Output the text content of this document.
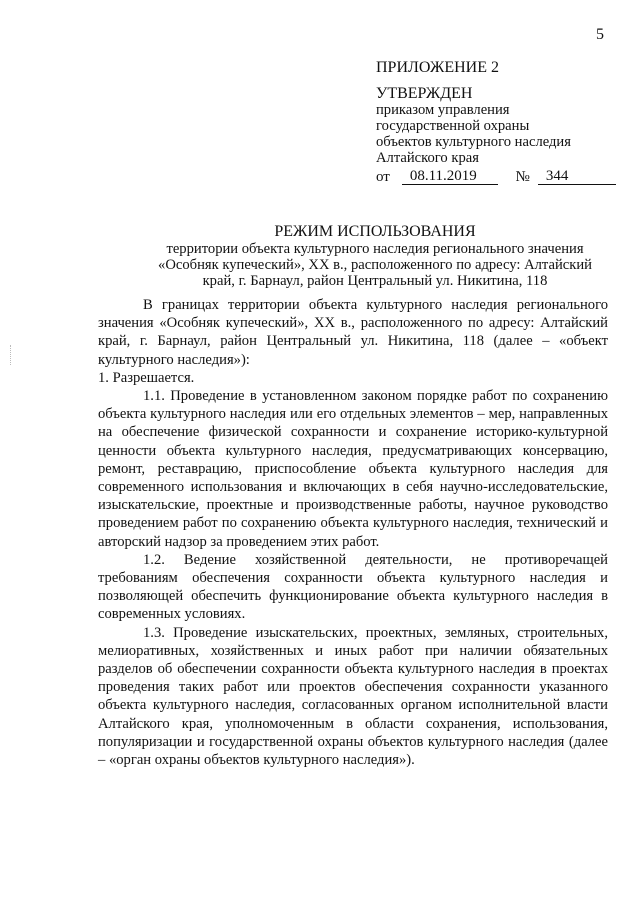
5
ПРИЛОЖЕНИЕ 2
УТВЕРЖДЕН
приказом управления
государственной охраны
объектов культурного наследия
Алтайского края
от	08.11.2019	№	344
РЕЖИМ ИСПОЛЬЗОВАНИЯ
территории объекта культурного наследия регионального значения
«Особняк купеческий», XX в., расположенного по адресу: Алтайский
край, г. Барнаул, район Центральный ул. Никитина, 118

В границах территории объекта культурного наследия регионального значения «Особняк купеческий», XX в., расположенного по адресу: Алтайский край, г. Барнаул, район Центральный ул. Никитина, 118 (далее – «объект культурного наследия»):

1. Разрешается.

1.1. Проведение в установленном законом порядке работ по сохранению объекта культурного наследия или его отдельных элементов – мер, направленных на обеспечение физической сохранности и сохранение историко-культурной ценности объекта культурного наследия, предусматривающих консервацию, ремонт, реставрацию, приспособление объекта культурного наследия для современного использования и включающих в себя научно-исследовательские, изыскательские, проектные и производственные работы, научное руководство проведением работ по сохранению объекта культурного наследия, технический и авторский надзор за проведением этих работ.

1.2. Ведение хозяйственной деятельности, не противоречащей требованиям обеспечения сохранности объекта культурного наследия и позволяющей обеспечить функционирование объекта культурного наследия в современных условиях.

1.3. Проведение изыскательских, проектных, земляных, строительных, мелиоративных, хозяйственных и иных работ при наличии обязательных разделов об обеспечении сохранности объекта культурного наследия в проектах проведения таких работ или проектов обеспечения сохранности указанного объекта культурного наследия, согласованных органом исполнительной власти Алтайского края, уполномоченным в области сохранения, использования, популяризации и государственной охраны объектов культурного наследия (далее – «орган охраны объектов культурного наследия»).
